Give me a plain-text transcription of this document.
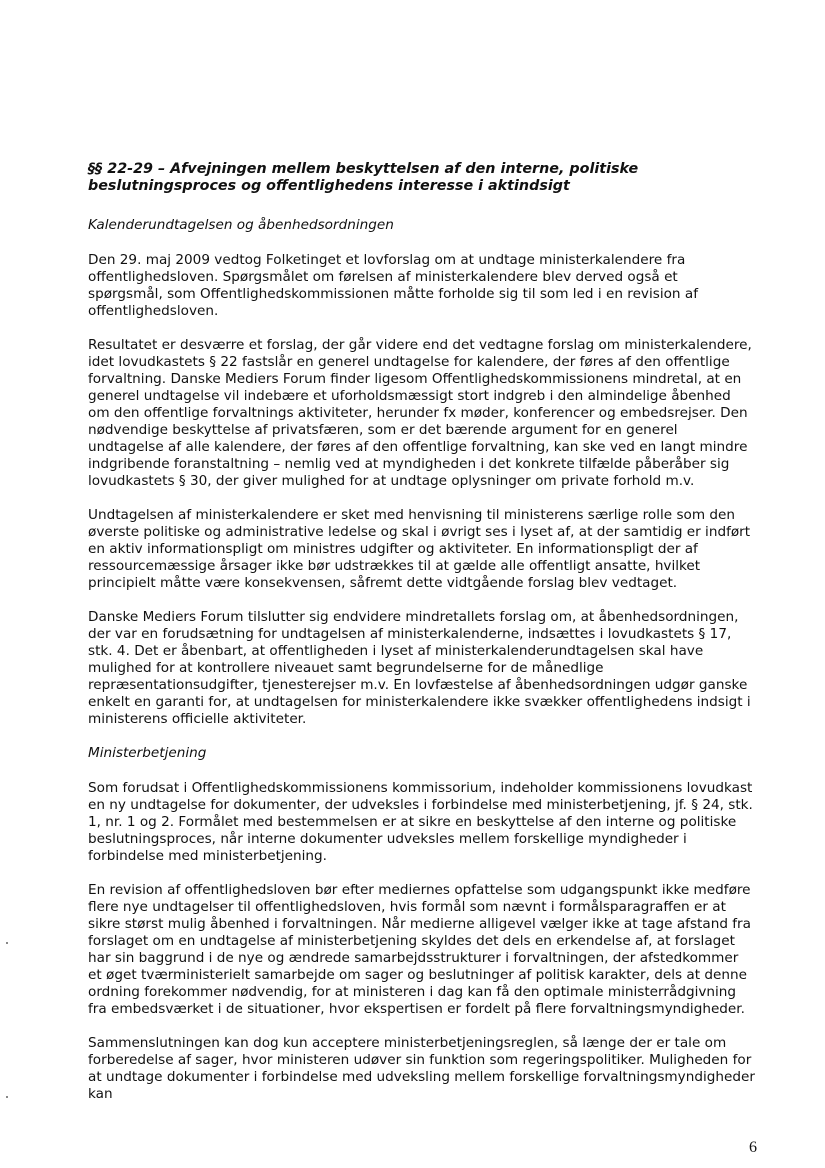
§§ 22-29 – Afvejningen mellem beskyttelsen af den interne, politiske beslutningsproces og offentlighedens interesse i aktindsigt
Kalenderundtagelsen og åbenhedsordningen

Den 29. maj 2009 vedtog Folketinget et lovforslag om at undtage ministerkalendere fra offentlighedsloven. Spørgsmålet om førelsen af ministerkalendere blev derved også et spørgsmål, som Offentlighedskommissionen måtte forholde sig til som led i en revision af offentlighedsloven.

Resultatet er desværre et forslag, der går videre end det vedtagne forslag om ministerkalendere, idet lovudkastets § 22 fastslår en generel undtagelse for kalendere, der føres af den offentlige forvaltning. Danske Mediers Forum finder ligesom Offentlighedskommissionens mindretal, at en generel undtagelse vil indebære et uforholdsmæssigt stort indgreb i den almindelige åbenhed om den offentlige forvaltnings aktiviteter, herunder fx møder, konferencer og embedsrejser. Den nødvendige beskyttelse af privatsfæren, som er det bærende argument for en generel undtagelse af alle kalendere, der føres af den offentlige forvaltning, kan ske ved en langt mindre indgribende foranstaltning – nemlig ved at myndigheden i det konkrete tilfælde påberåber sig lovudkastets § 30, der giver mulighed for at undtage oplysninger om private forhold m.v.

Undtagelsen af ministerkalendere er sket med henvisning til ministerens særlige rolle som den øverste politiske og administrative ledelse og skal i øvrigt ses i lyset af, at der samtidig er indført en aktiv informationspligt om ministres udgifter og aktiviteter. En informationspligt der af ressourcemæssige årsager ikke bør udstrækkes til at gælde alle offentligt ansatte, hvilket principielt måtte være konsekvensen, såfremt dette vidtgående forslag blev vedtaget.

Danske Mediers Forum tilslutter sig endvidere mindretallets forslag om, at åbenhedsordningen, der var en forudsætning for undtagelsen af ministerkalenderne, indsættes i lovudkastets § 17, stk. 4. Det er åbenbart, at offentligheden i lyset af ministerkalenderundtagelsen skal have mulighed for at kontrollere niveauet samt begrundelserne for de månedlige repræsentationsudgifter, tjenesterejser m.v. En lovfæstelse af åbenhedsordningen udgør ganske enkelt en garanti for, at undtagelsen for ministerkalendere ikke svækker offentlighedens indsigt i ministerens officielle aktiviteter.

Ministerbetjening

Som forudsat i Offentlighedskommissionens kommissorium, indeholder kommissionens lovudkast en ny undtagelse for dokumenter, der udveksles i forbindelse med ministerbetjening, jf. § 24, stk. 1, nr. 1 og 2. Formålet med bestemmelsen er at sikre en beskyttelse af den interne og politiske beslutningsproces, når interne dokumenter udveksles mellem forskellige myndigheder i forbindelse med ministerbetjening.

En revision af offentlighedsloven bør efter mediernes opfattelse som udgangspunkt ikke medføre flere nye undtagelser til offentlighedsloven, hvis formål som nævnt i formålsparagraffen er at sikre størst mulig åbenhed i forvaltningen. Når medierne alligevel vælger ikke at tage afstand fra forslaget om en undtagelse af ministerbetjening skyldes det dels en erkendelse af, at forslaget har sin baggrund i de nye og ændrede samarbejdsstrukturer i forvaltningen, der afstedkommer et øget tværministerielt samarbejde om sager og beslutninger af politisk karakter, dels at denne ordning forekommer nødvendig, for at ministeren i dag kan få den optimale ministerrådgivning fra embedsværket i de situationer, hvor ekspertisen er fordelt på flere forvaltningsmyndigheder.

Sammenslutningen kan dog kun acceptere ministerbetjeningsreglen, så længe der er tale om forberedelse af sager, hvor ministeren udøver sin funktion som regeringspolitiker. Muligheden for at undtage dokumenter i forbindelse med udveksling mellem forskellige forvaltningsmyndigheder kan

6
